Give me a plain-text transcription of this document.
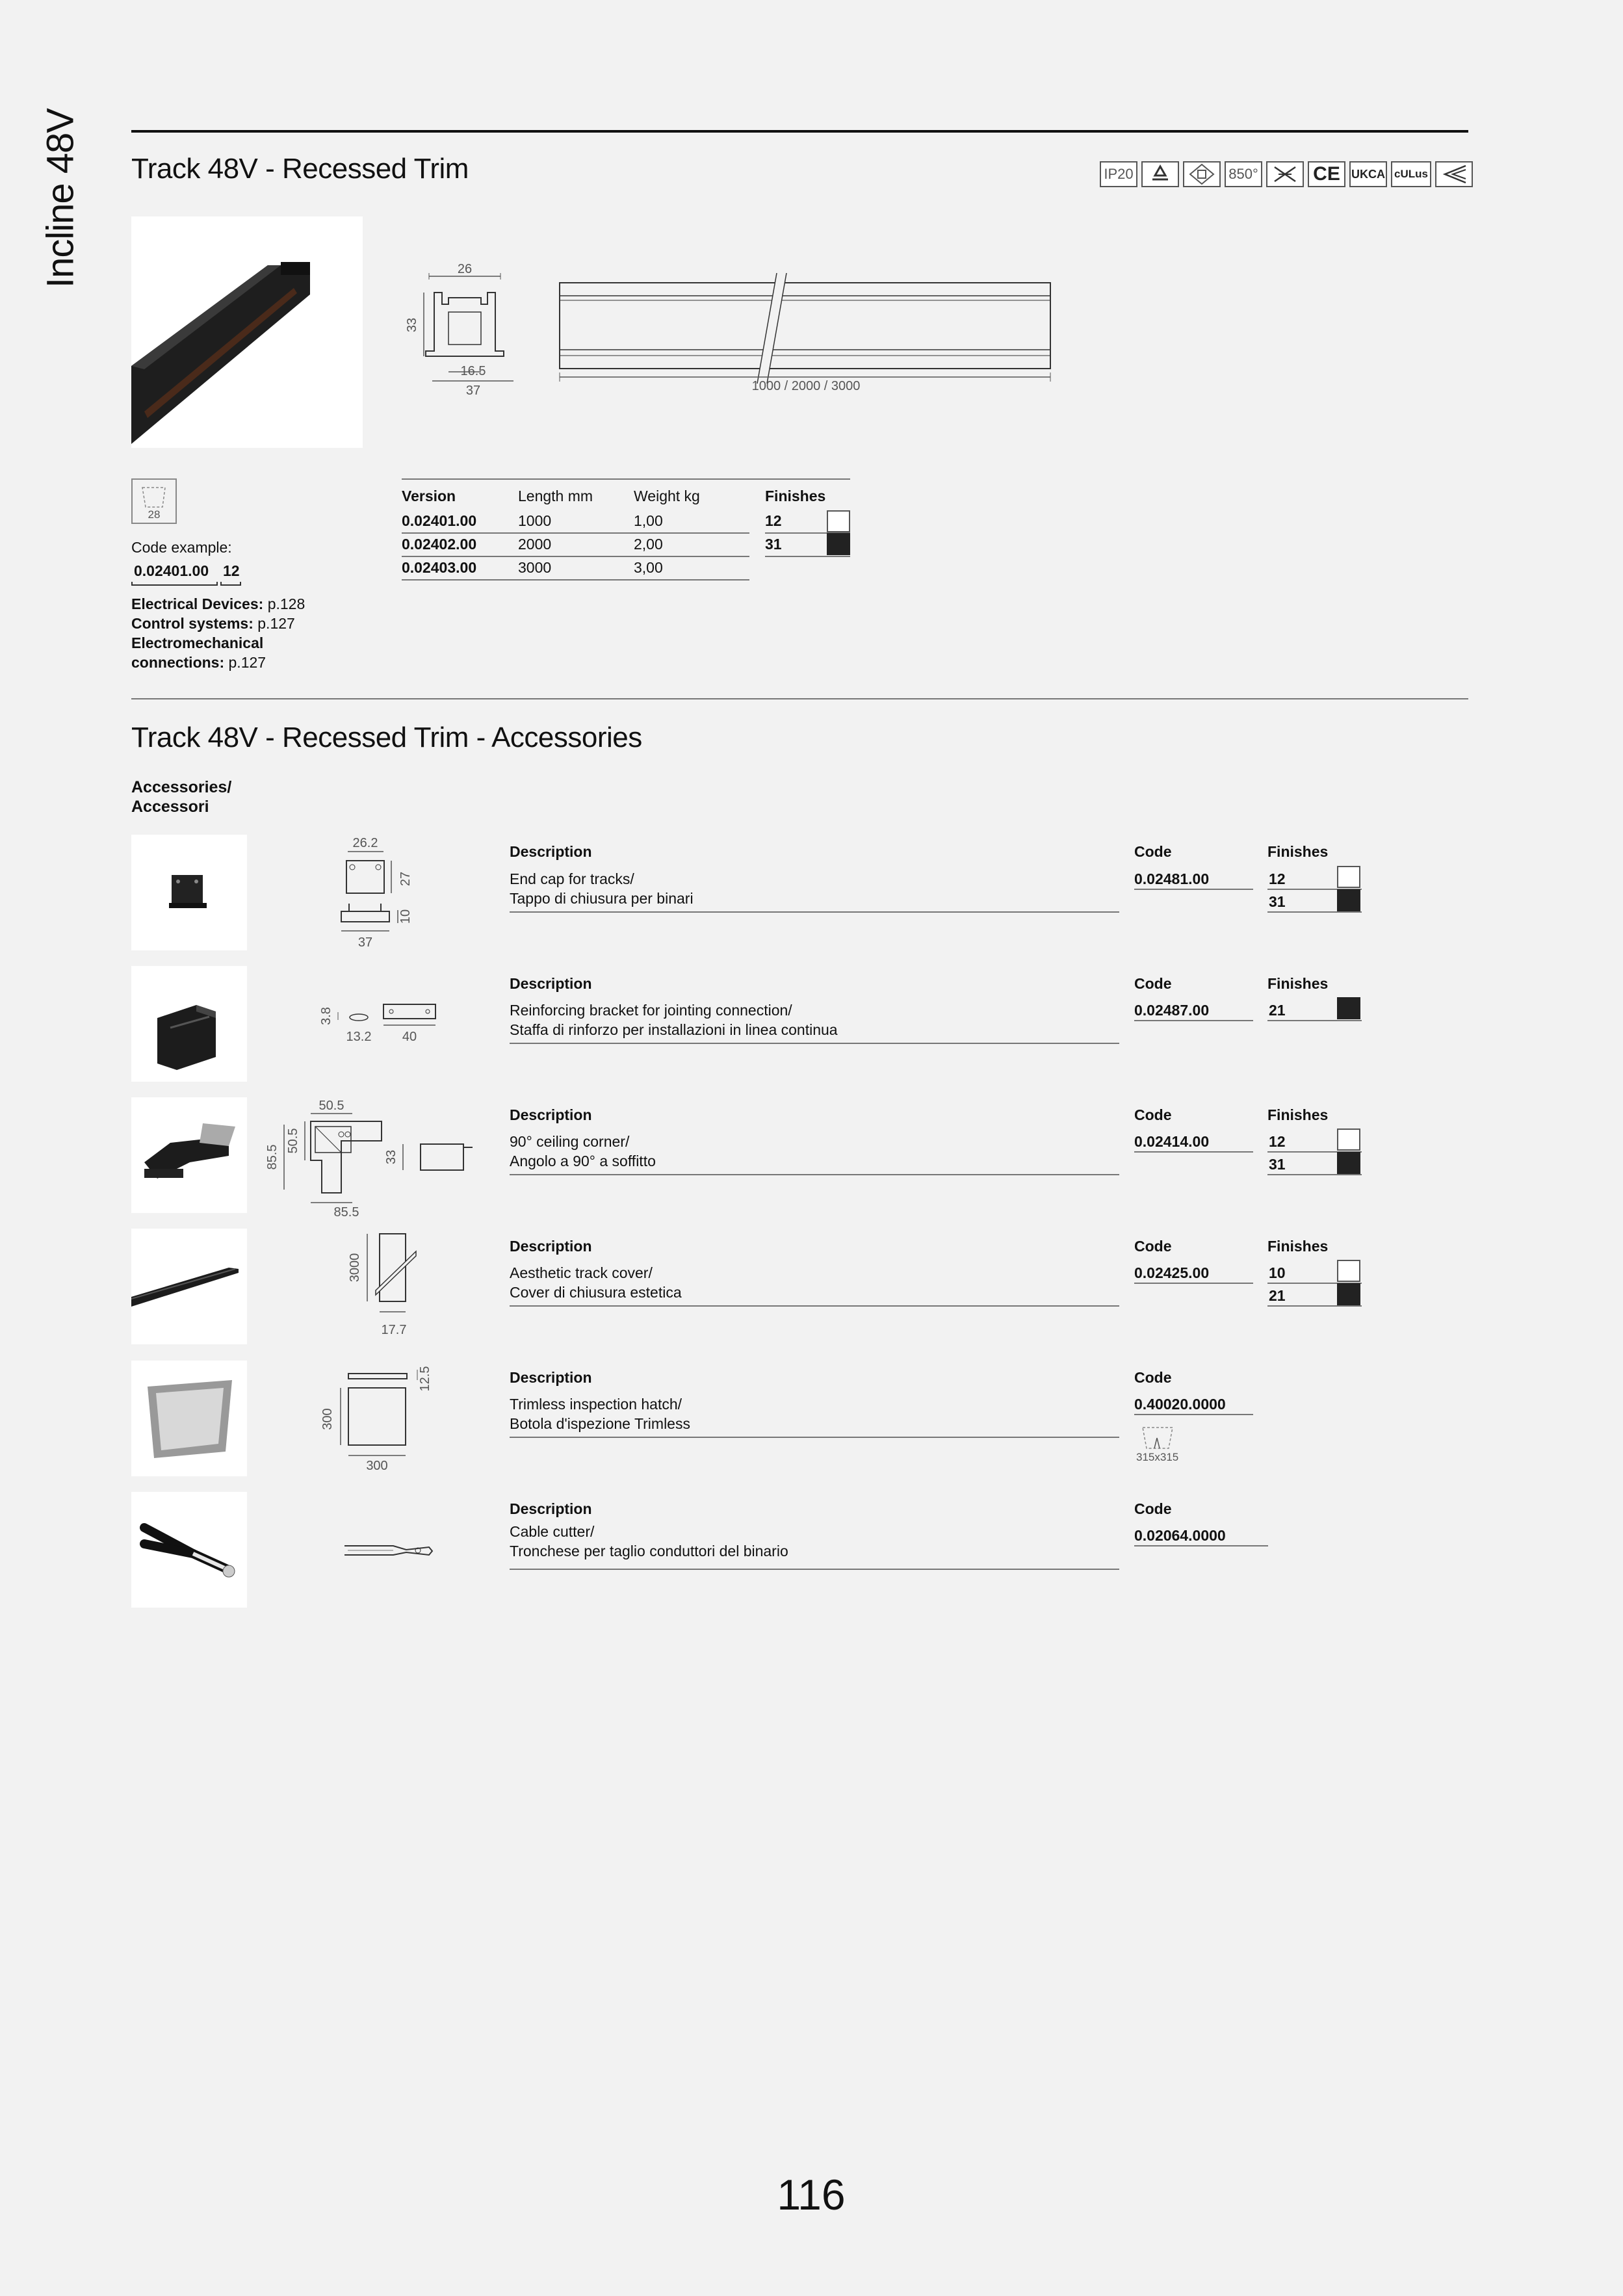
Incline 48V Track 48V - Recessed Trim	IP20	850°	CE UKCA cULus
26
33
16.5
37	1000 / 2000 / 3000
28
Code example:
0.02401.00 12
Electrical Devices: p.128
Control systems: p.127
Electromechanical
connections: p.127
Version	Length mm	Weight kg	Finishes
0.02401.00	1000	1,00
0.02402.00	2000	2,00
0.02403.00	3000	3,00
12
31
Track 48V - Recessed Trim - Accessories
Accessories/
Accessori
26.2
27
10
37
Description
End cap for tracks/
Tappo di chiusura per binari
Code
0.02481.00
Finishes
12
31
3.8
13.2 40
Description
Reinforcing bracket for jointing connection/
Staffa di rinforzo per installazioni in linea continua
Code
0.02487.00
Finishes
21
50.5
85.5
50.5
85.5
33
Description
90° ceiling corner/
Angolo a 90° a soffitto
Code
0.02414.00
Finishes
12
31
3000
17.7
Description
Aesthetic track cover/
Cover di chiusura estetica
Code
0.02425.00
Finishes
10
21
12.5
300
300
Description
Trimless inspection hatch/
Botola d'ispezione Trimless
Code
0.40020.0000
315x315
Description
Cable cutter/
Tronchese per taglio conduttori del binario
Code
0.02064.0000
116
